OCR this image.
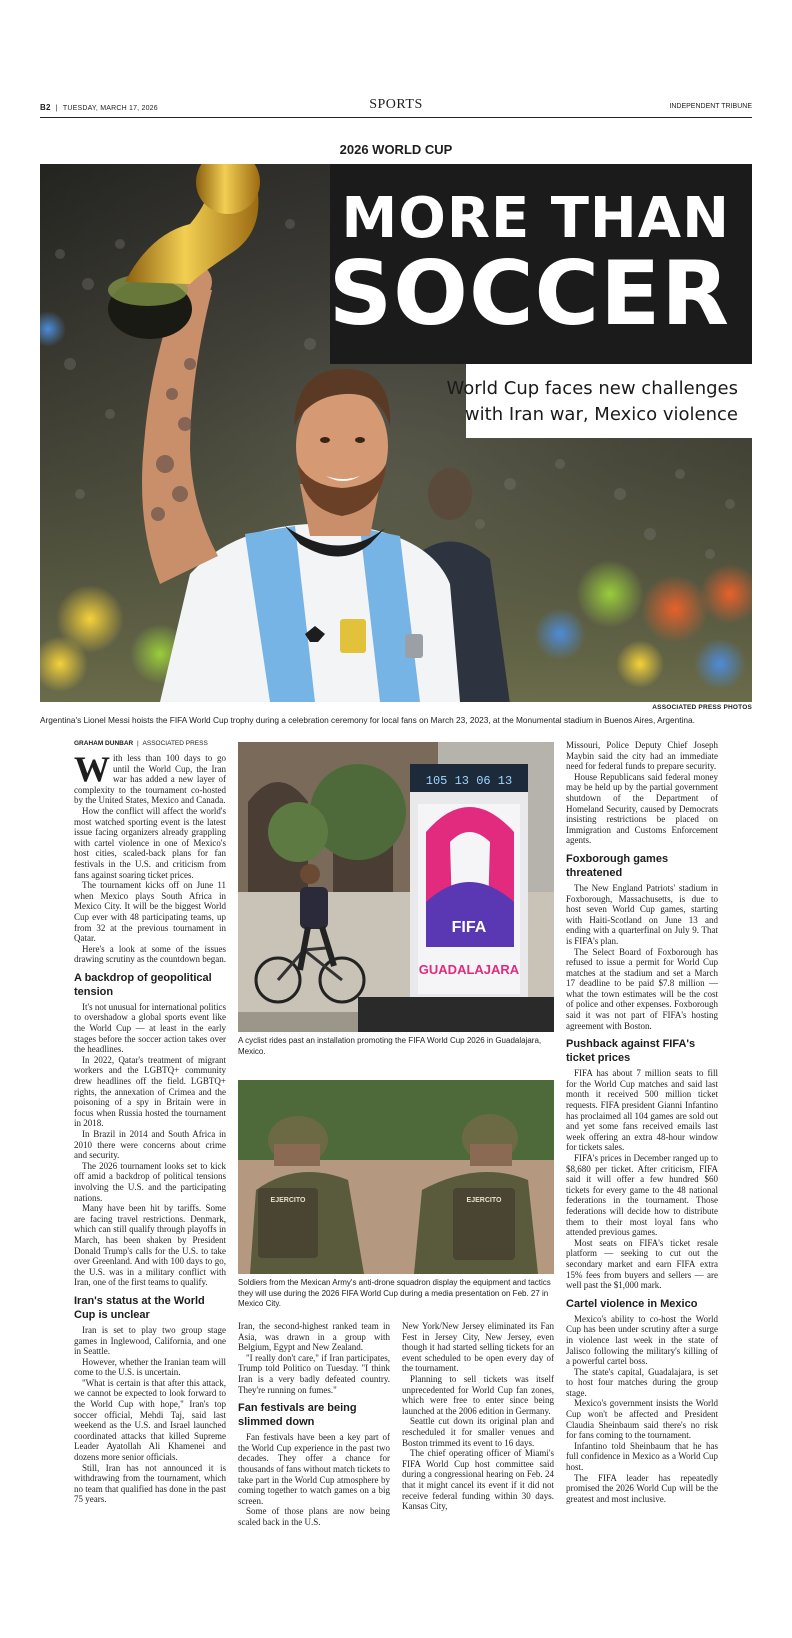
B2 | TUESDAY, MARCH 17, 2026	SPORTS	INDEPENDENT TRIBUNE
2026 WORLD CUP
MORE THAN
SOCCER
World Cup faces new challenges
with Iran war, Mexico violence
ASSOCIATED PRESS PHOTOS
Argentina's Lionel Messi hoists the FIFA World Cup trophy during a celebration ceremony for local fans on March 23, 2023, at the Monumental stadium in Buenos Aires, Argentina.
GRAHAM DUNBAR | ASSOCIATED PRESS

With less than 100 days to go until the World Cup, the Iran war has added a new layer of complexity to the tournament co-hosted by the United States, Mexico and Canada.

How the conflict will affect the world's most watched sporting event is the latest issue facing organizers already grappling with cartel violence in one of Mexico's host cities, scaled-back plans for fan festivals in the U.S. and criticism from fans against soaring ticket prices.

The tournament kicks off on June 11 when Mexico plays South Africa in Mexico City. It will be the biggest World Cup ever with 48 participating teams, up from 32 at the previous tournament in Qatar.

Here's a look at some of the issues drawing scrutiny as the countdown began.

A backdrop of geopolitical tension

It's not unusual for international politics to overshadow a global sports event like the World Cup — at least in the early stages before the soccer action takes over the headlines.

In 2022, Qatar's treatment of migrant workers and the LGBTQ+ community drew headlines off the field. LGBTQ+ rights, the annexation of Crimea and the poisoning of a spy in Britain were in focus when Russia hosted the tournament in 2018.

In Brazil in 2014 and South Africa in 2010 there were concerns about crime and security.

The 2026 tournament looks set to kick off amid a backdrop of political tensions involving the U.S. and the participating nations.

Many have been hit by tariffs. Some are facing travel restrictions. Denmark, which can still qualify through playoffs in March, has been shaken by President Donald Trump's calls for the U.S. to take over Greenland. And with 100 days to go, the U.S. was in a military conflict with Iran, one of the first teams to qualify.

Iran's status at the World Cup is unclear

Iran is set to play two group stage games in Inglewood, California, and one in Seattle.

However, whether the Iranian team will come to the U.S. is uncertain.

"What is certain is that after this attack, we cannot be expected to look forward to the World Cup with hope," Iran's top soccer official, Mehdi Taj, said last weekend as the U.S. and Israel launched coordinated attacks that killed Supreme Leader Ayatollah Ali Khamenei and dozens more senior officials.

Still, Iran has not announced it is withdrawing from the tournament, which no team that qualified has done in the past 75 years.

105 13 06 13
FIFA
GUADALAJARA
A cyclist rides past an installation promoting the FIFA World Cup 2026 in Guadalajara, Mexico.
EJERCITO	EJERCITO
Soldiers from the Mexican Army's anti-drone squadron display the equipment and tactics they will use during the 2026 FIFA World Cup during a media presentation on Feb. 27 in Mexico City.

Iran, the second-highest ranked team in Asia, was drawn in a group with Belgium, Egypt and New Zealand.

"I really don't care," if Iran participates, Trump told Politico on Tuesday. "I think Iran is a very badly defeated country. They're running on fumes."

Fan festivals are being slimmed down

Fan festivals have been a key part of the World Cup experience in the past two decades. They offer a chance for thousands of fans without match tickets to take part in the World Cup atmosphere by coming together to watch games on a big screen.

Some of those plans are now being scaled back in the U.S.

New York/New Jersey eliminated its Fan Fest in Jersey City, New Jersey, even though it had started selling tickets for an event scheduled to be open every day of the tournament.

Planning to sell tickets was itself unprecedented for World Cup fan zones, which were free to enter since being launched at the 2006 edition in Germany.

Seattle cut down its original plan and rescheduled it for smaller venues and Boston trimmed its event to 16 days.

The chief operating officer of Miami's FIFA World Cup host committee said during a congressional hearing on Feb. 24 that it might cancel its event if it did not receive federal funding within 30 days. Kansas City,

Missouri, Police Deputy Chief Joseph Maybin said the city had an immediate need for federal funds to prepare security.

House Republicans said federal money may be held up by the partial government shutdown of the Department of Homeland Security, caused by Democrats insisting restrictions be placed on Immigration and Customs Enforcement agents.

Foxborough games threatened

The New England Patriots' stadium in Foxborough, Massachusetts, is due to host seven World Cup games, starting with Haiti-Scotland on June 13 and ending with a quarterfinal on July 9. That is FIFA's plan.

The Select Board of Foxborough has refused to issue a permit for World Cup matches at the stadium and set a March 17 deadline to be paid $7.8 million — what the town estimates will be the cost of police and other expenses. Foxborough said it was not part of FIFA's hosting agreement with Boston.

Pushback against FIFA's ticket prices

FIFA has about 7 million seats to fill for the World Cup matches and said last month it received 500 million ticket requests. FIFA president Gianni Infantino has proclaimed all 104 games are sold out and yet some fans received emails last week offering an extra 48-hour window for tickets sales.

FIFA's prices in December ranged up to $8,680 per ticket. After criticism, FIFA said it will offer a few hundred $60 tickets for every game to the 48 national federations in the tournament. Those federations will decide how to distribute them to their most loyal fans who attended previous games.

Most seats on FIFA's ticket resale platform — seeking to cut out the secondary market and earn FIFA extra 15% fees from buyers and sellers — are well past the $1,000 mark.

Cartel violence in Mexico

Mexico's ability to co-host the World Cup has been under scrutiny after a surge in violence last week in the state of Jalisco following the military's killing of a powerful cartel boss.

The state's capital, Guadalajara, is set to host four matches during the group stage.

Mexico's government insists the World Cup won't be affected and President Claudia Sheinbaum said there's no risk for fans coming to the tournament.

Infantino told Sheinbaum that he has full confidence in Mexico as a World Cup host.

The FIFA leader has repeatedly promised the 2026 World Cup will be the greatest and most inclusive.
